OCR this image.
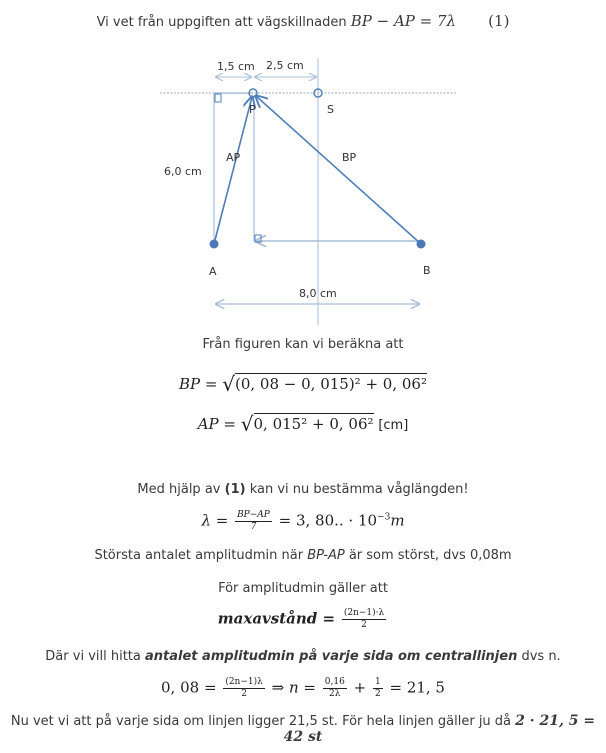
Vi vet från uppgiften att vägskillnaden BP − AP = 7λ (1)
1,5 cm 2,5 cm
6,0 cm
8,0 cm
P	S
A	B
AP	BP
Från figuren kan vi beräkna att
BP = √(0, 08 − 0, 015)² + 0, 06²
AP = √0, 015² + 0, 06² [cm]
Med hjälp av (1) kan vi nu bestämma våglängden!
$\lambda = \frac{BP-AP}{7} = 3$, 80.. · $10^{-3}m$
Största antalet amplitudmin när BP-AP är som störst, dvs 0,08m
För amplitudmin gäller att
maxavstånd = $\frac{(2n-1)\cdot\lambda}{2}$
Där vi vill hitta antalet amplitudmin på varje sida om centrallinjen dvs n.
0, $08 = \frac{(2n-1)\lambda}{2}$ ⇒ $n = \frac{0,16}{2\lambda} + \frac{1}{2} = 21$, 5
Nu vet vi att på varje sida om linjen ligger 21,5 st. För hela linjen gäller ju då 2 · 21, 5 = 42 st
